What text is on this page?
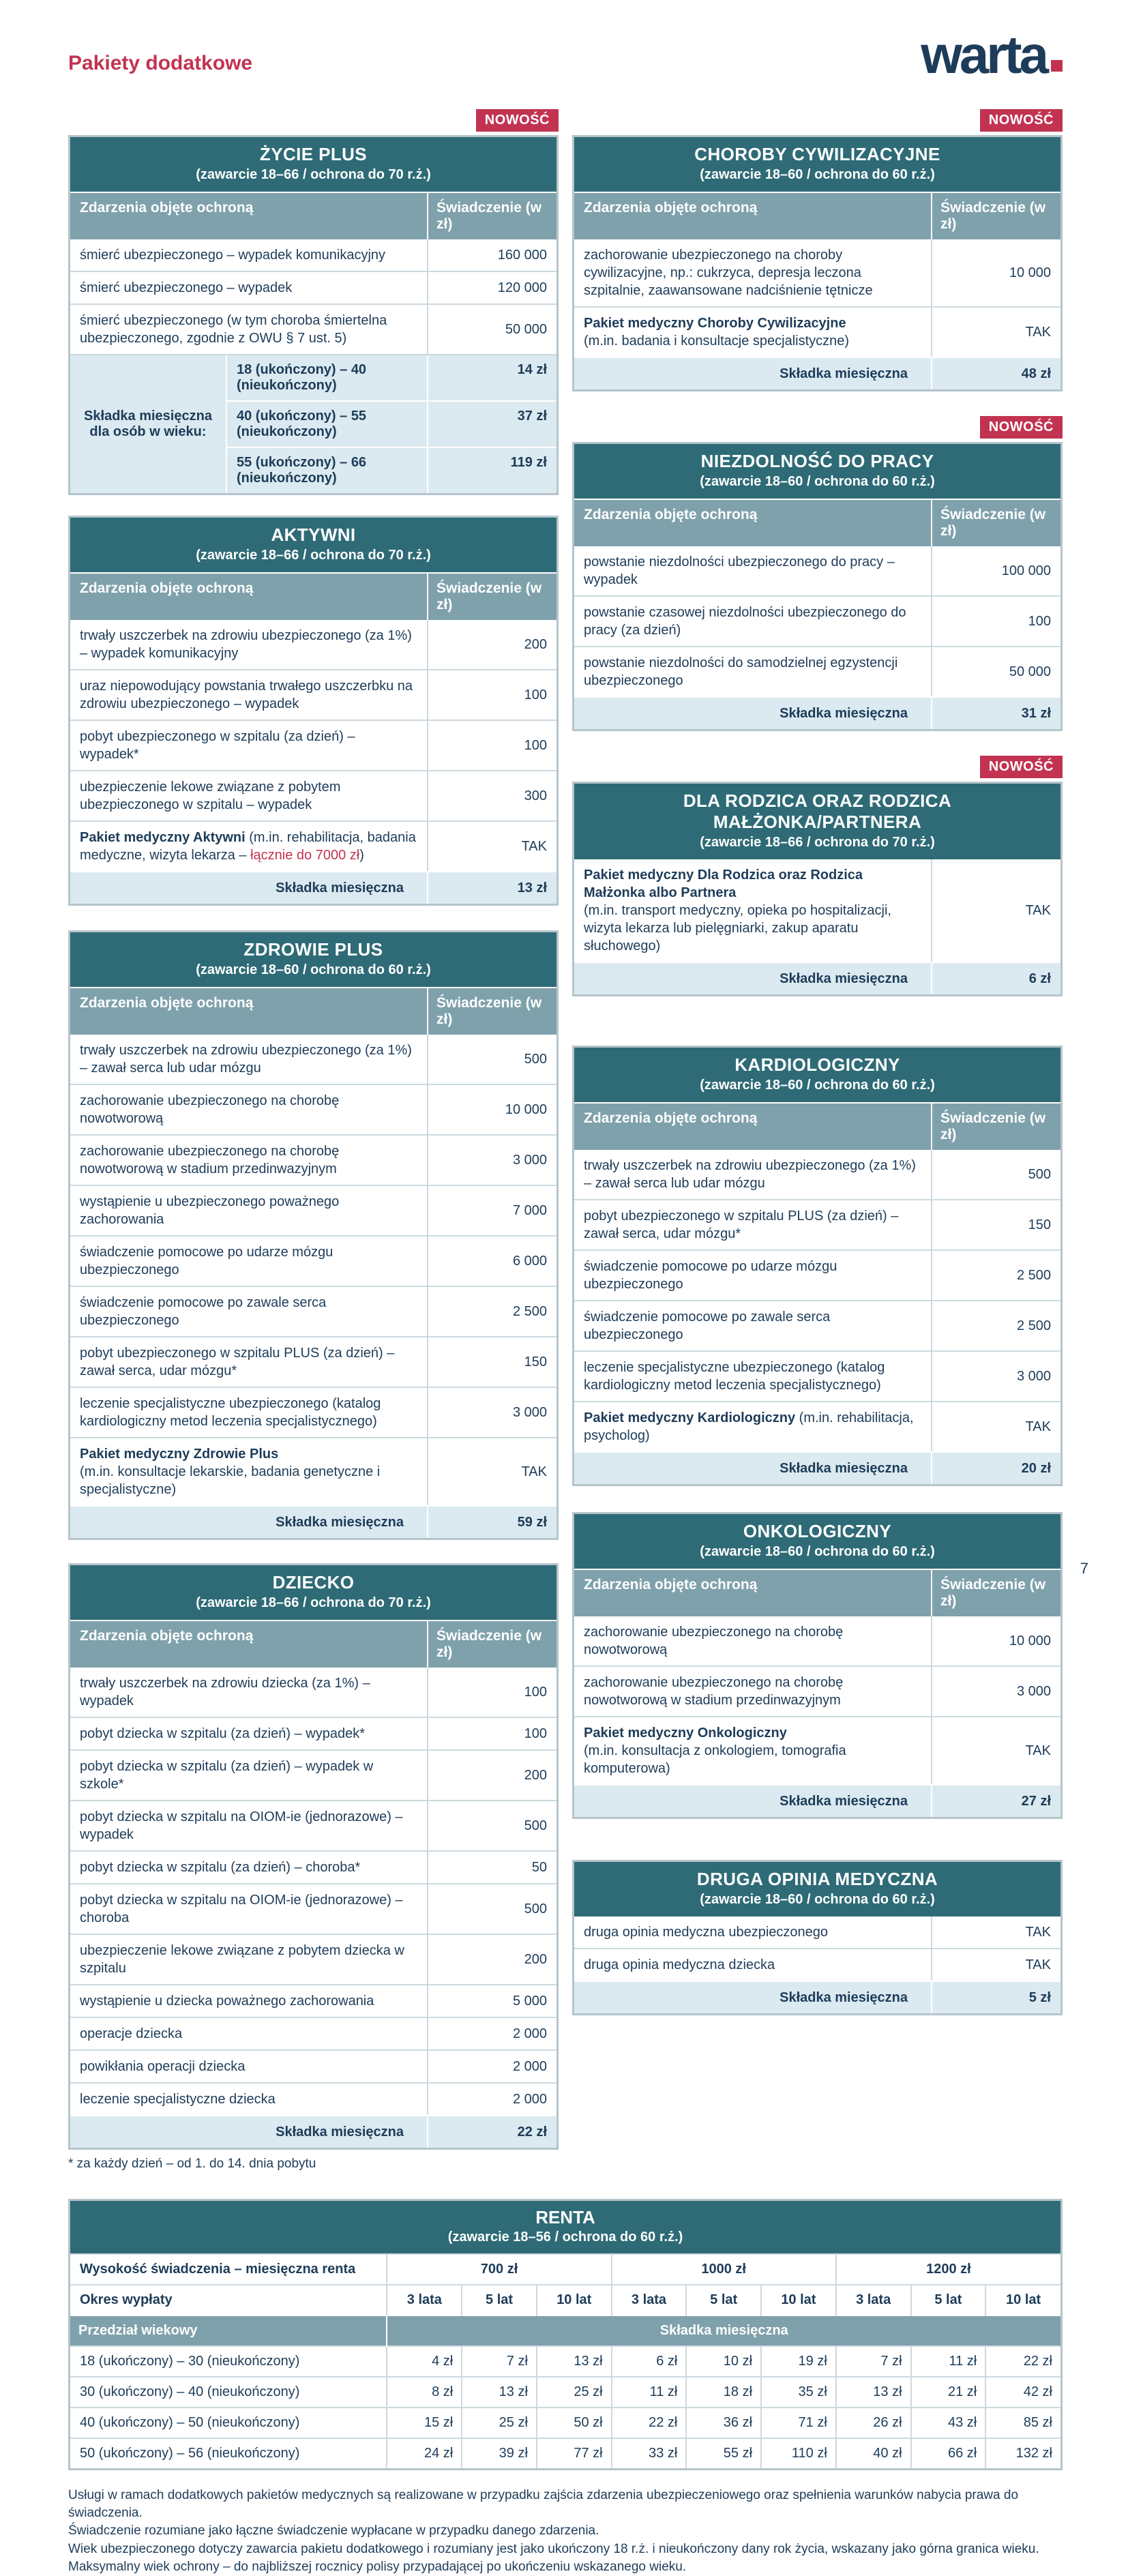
Pakiety dodatkowe	warta
NOWOŚĆ
ŻYCIE PLUS
(zawarcie 18–66 / ochrona do 70 r.ż.)
Zdarzenia objęte ochroną	Świadczenie (w zł)
śmierć ubezpieczonego – wypadek komunikacyjny	160 000
śmierć ubezpieczonego – wypadek	120 000
śmierć ubezpieczonego (w tym choroba śmiertelna ubezpieczonego, zgodnie z OWU § 7 ust. 5)
50 000
Składka miesięczna dla osób w wieku:
18 (ukończony) – 40 (nieukończony)
14 zł
40 (ukończony) – 55 (nieukończony)
37 zł
55 (ukończony) – 66 (nieukończony)
119 zł
AKTYWNI
(zawarcie 18–66 / ochrona do 70 r.ż.)
Zdarzenia objęte ochroną	Świadczenie (w zł)
trwały uszczerbek na zdrowiu ubezpieczonego (za 1%) – wypadek komunikacyjny
200
uraz niepowodujący powstania trwałego uszczerbku na zdrowiu ubezpieczonego – wypadek
100
pobyt ubezpieczonego w szpitalu (za dzień) – wypadek*
100
ubezpieczenie lekowe związane z pobytem ubezpieczonego w szpitalu – wypadek
300
Pakiet medyczny Aktywni (m.in. rehabilitacja, badania medyczne, wizyta lekarza – łącznie do 7000 zł)
TAK
Składka miesięczna	13 zł
ZDROWIE PLUS
(zawarcie 18–60 / ochrona do 60 r.ż.)
Zdarzenia objęte ochroną	Świadczenie (w zł)
trwały uszczerbek na zdrowiu ubezpieczonego (za 1%) – zawał serca lub udar mózgu
500
zachorowanie ubezpieczonego na chorobę nowotworową
10 000
zachorowanie ubezpieczonego na chorobę nowotworową w stadium przedinwazyjnym
3 000
wystąpienie u ubezpieczonego poważnego zachorowania
7 000
świadczenie pomocowe po udarze mózgu ubezpieczonego
6 000
świadczenie pomocowe po zawale serca ubezpieczonego
2 500
pobyt ubezpieczonego w szpitalu PLUS (za dzień) – zawał serca, udar mózgu*
150
leczenie specjalistyczne ubezpieczonego (katalog kardiologiczny metod leczenia specjalistycznego)
3 000
Pakiet medyczny Zdrowie Plus
(m.in. konsultacje lekarskie, badania genetyczne i specjalistyczne)
TAK
Składka miesięczna	59 zł
DZIECKO
(zawarcie 18–66 / ochrona do 70 r.ż.)
Zdarzenia objęte ochroną	Świadczenie (w zł)
trwały uszczerbek na zdrowiu dziecka (za 1%) – wypadek
100
pobyt dziecka w szpitalu (za dzień) – wypadek*	100
pobyt dziecka w szpitalu (za dzień) – wypadek w szkole*
200
pobyt dziecka w szpitalu na OIOM-ie (jednorazowe) – wypadek
500
pobyt dziecka w szpitalu (za dzień) – choroba*	50
pobyt dziecka w szpitalu na OIOM-ie (jednorazowe) – choroba
500
ubezpieczenie lekowe związane z pobytem dziecka w szpitalu
200
wystąpienie u dziecka poważnego zachorowania	5 000
operacje dziecka	2 000
powikłania operacji dziecka	2 000
leczenie specjalistyczne dziecka	2 000
Składka miesięczna	22 zł
* za każdy dzień – od 1. do 14. dnia pobytu
NOWOŚĆ
CHOROBY CYWILIZACYJNE
(zawarcie 18–60 / ochrona do 60 r.ż.)
Zdarzenia objęte ochroną	Świadczenie (w zł)
zachorowanie ubezpieczonego na choroby cywilizacyjne, np.: cukrzyca, depresja leczona szpitalnie, zaawansowane nadciśnienie tętnicze
10 000
Pakiet medyczny Choroby Cywilizacyjne
(m.in. badania i konsultacje specjalistyczne)
TAK
Składka miesięczna	48 zł
NOWOŚĆ
NIEZDOLNOŚĆ DO PRACY
(zawarcie 18–60 / ochrona do 60 r.ż.)
Zdarzenia objęte ochroną	Świadczenie (w zł)
powstanie niezdolności ubezpieczonego do pracy – wypadek
100 000
powstanie czasowej niezdolności ubezpieczonego do pracy (za dzień)
100
powstanie niezdolności do samodzielnej egzystencji ubezpieczonego
50 000
Składka miesięczna	31 zł
NOWOŚĆ
DLA RODZICA ORAZ RODZICA MAŁŻONKA/PARTNERA
(zawarcie 18–66 / ochrona do 70 r.ż.)
Pakiet medyczny Dla Rodzica oraz Rodzica Małżonka albo Partnera
(m.in. transport medyczny, opieka po hospitalizacji, wizyta lekarza lub pielęgniarki, zakup aparatu słuchowego)
TAK
Składka miesięczna	6 zł
KARDIOLOGICZNY
(zawarcie 18–60 / ochrona do 60 r.ż.)
Zdarzenia objęte ochroną	Świadczenie (w zł)
trwały uszczerbek na zdrowiu ubezpieczonego (za 1%) – zawał serca lub udar mózgu
500
pobyt ubezpieczonego w szpitalu PLUS (za dzień) – zawał serca, udar mózgu*
150
świadczenie pomocowe po udarze mózgu ubezpieczonego
2 500
świadczenie pomocowe po zawale serca ubezpieczonego
2 500
leczenie specjalistyczne ubezpieczonego (katalog kardiologiczny metod leczenia specjalistycznego)
3 000
Pakiet medyczny Kardiologiczny (m.in. rehabilitacja, psycholog)
TAK
Składka miesięczna	20 zł
ONKOLOGICZNY
(zawarcie 18–60 / ochrona do 60 r.ż.)
Zdarzenia objęte ochroną	Świadczenie (w zł)
zachorowanie ubezpieczonego na chorobę nowotworową
10 000
zachorowanie ubezpieczonego na chorobę nowotworową w stadium przedinwazyjnym
3 000
Pakiet medyczny Onkologiczny
(m.in. konsultacja z onkologiem, tomografia komputerowa)
TAK
Składka miesięczna	27 zł
DRUGA OPINIA MEDYCZNA
(zawarcie 18–60 / ochrona do 60 r.ż.)
druga opinia medyczna ubezpieczonego	TAK
druga opinia medyczna dziecka	TAK
Składka miesięczna	5 zł
RENTA
(zawarcie 18–56 / ochrona do 60 r.ż.)									

Wysokość świadczenia – miesięczna renta	700 zł			1000 zł			1200 zł		
Okres wypłaty	3 lata	5 lat	10 lat	3 lata	5 lat	10 lat	3 lata	5 lat	10 lat
Przedział wiekowy	Składka miesięczna								
18 (ukończony) – 30 (nieukończony)	4 zł	7 zł	13 zł	6 zł	10 zł	19 zł	7 zł	11 zł	22 zł
30 (ukończony) – 40 (nieukończony)	8 zł	13 zł	25 zł	11 zł	18 zł	35 zł	13 zł	21 zł	42 zł
40 (ukończony) – 50 (nieukończony)	15 zł	25 zł	50 zł	22 zł	36 zł	71 zł	26 zł	43 zł	85 zł
50 (ukończony) – 56 (nieukończony)	24 zł	39 zł	77 zł	33 zł	55 zł	110 zł	40 zł	66 zł	132 zł

Usługi w ramach dodatkowych pakietów medycznych są realizowane w przypadku zajścia zdarzenia ubezpieczeniowego oraz spełnienia warunków nabycia prawa do świadczenia.

Świadczenie rozumiane jako łączne świadczenie wypłacane w przypadku danego zdarzenia.

Wiek ubezpieczonego dotyczy zawarcia pakietu dodatkowego i rozumiany jest jako ukończony 18 r.ż. i nieukończony dany rok życia, wskazany jako górna granica wieku. Maksymalny wiek ochrony – do najbliższej rocznicy polisy przypadającej po ukończeniu wskazanego wieku.

7
